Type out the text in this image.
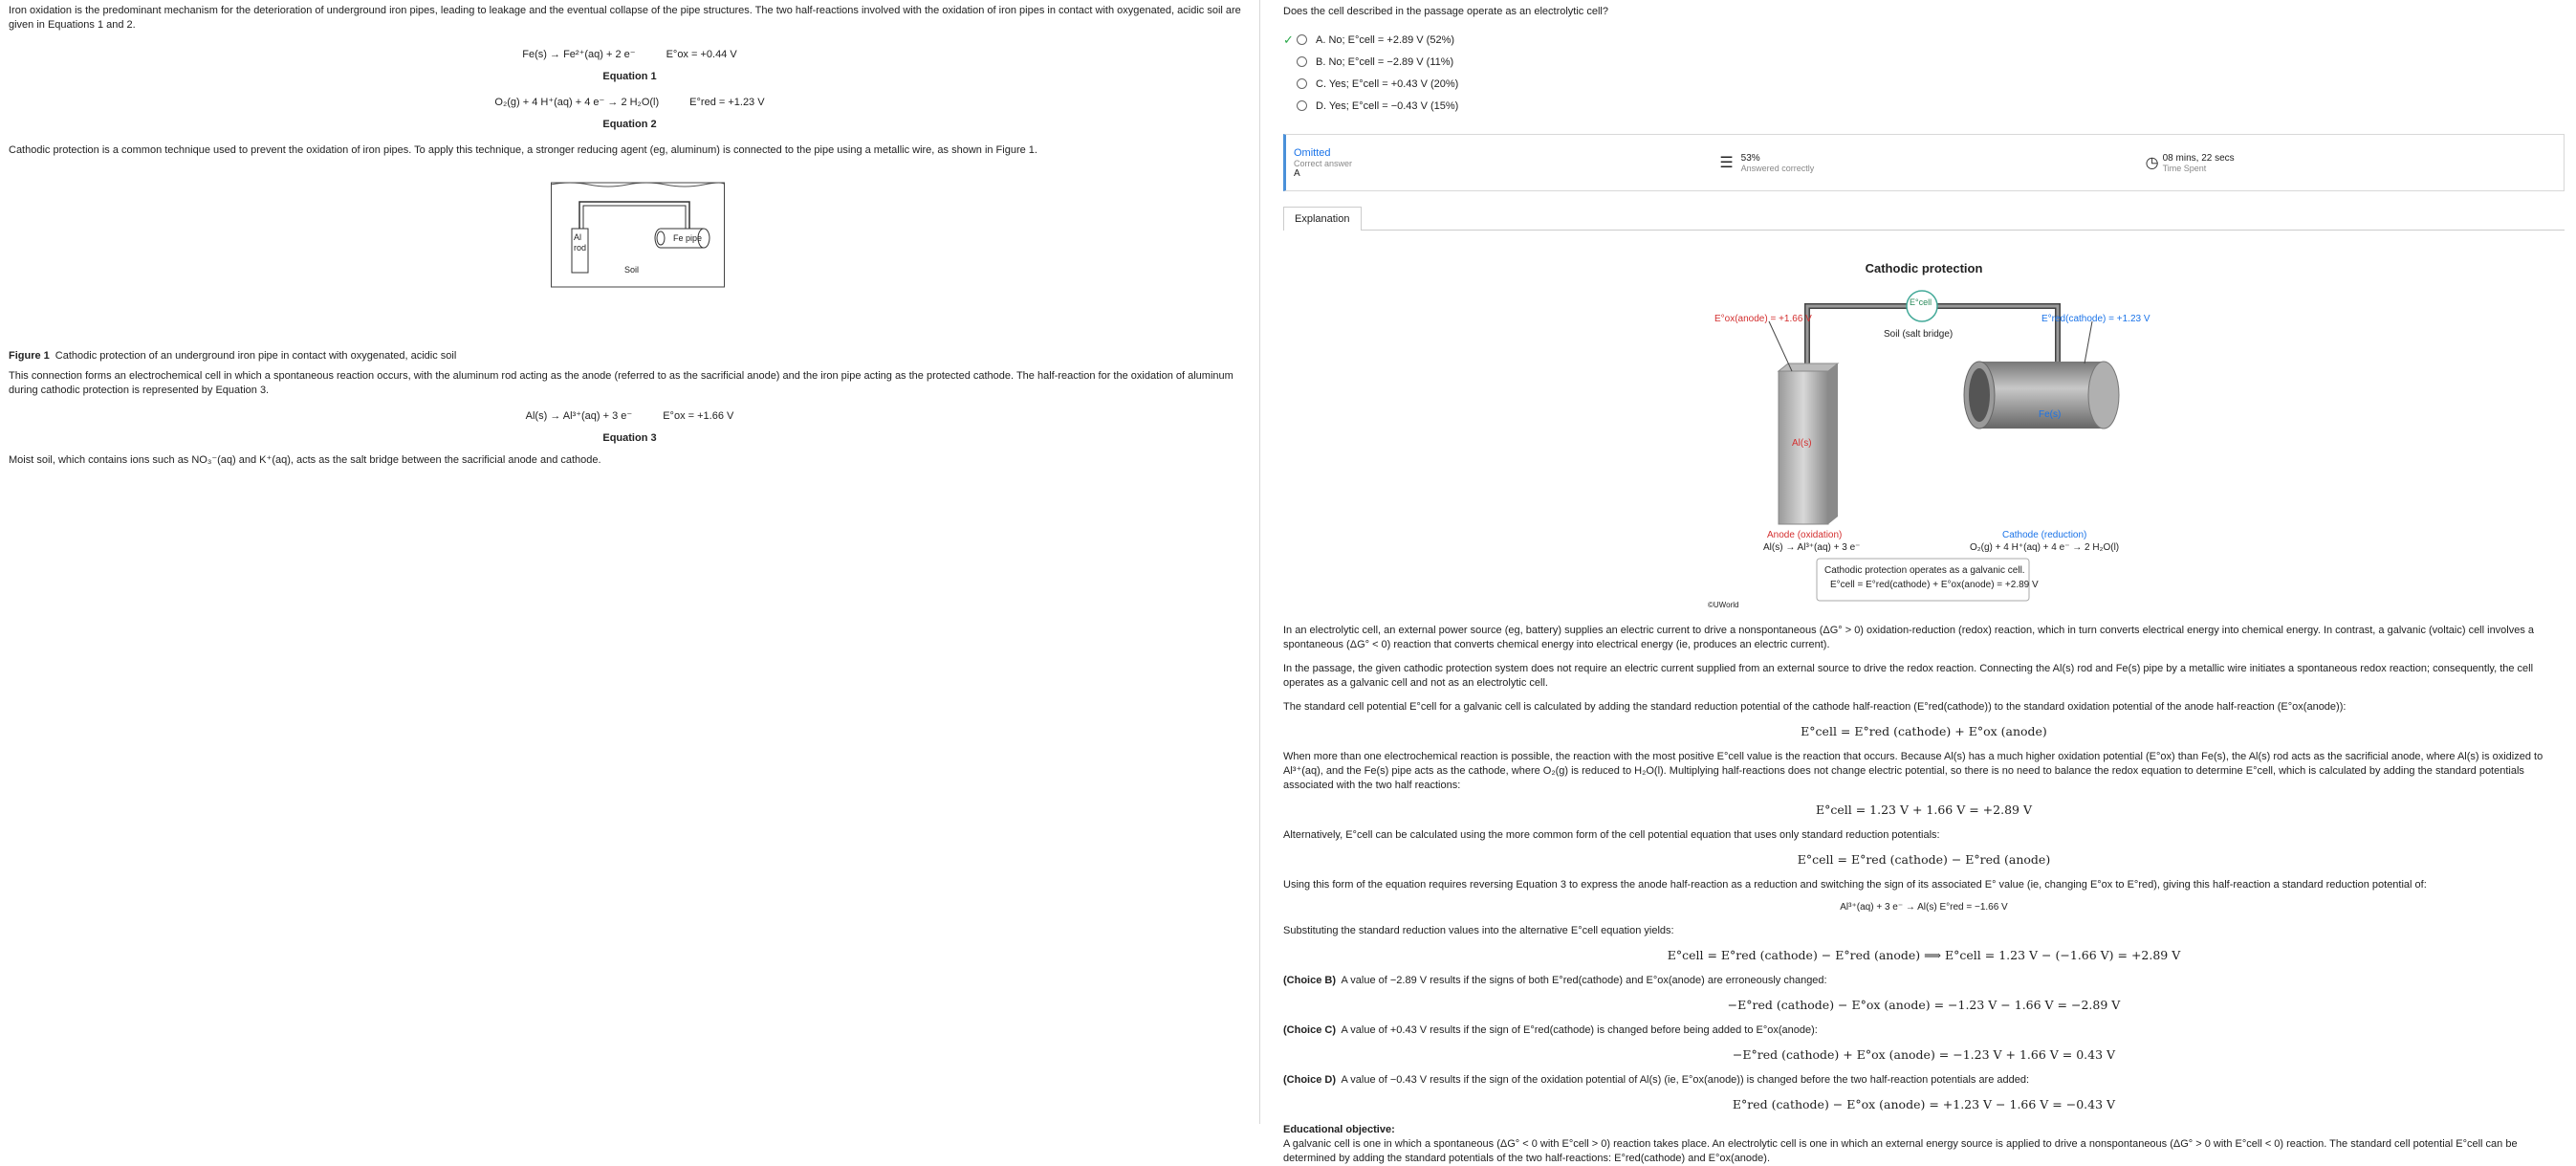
Iron oxidation is the predominant mechanism for the deterioration of underground iron pipes, leading to leakage and the eventual collapse of the pipe structures. The two half-reactions involved with the oxidation of iron pipes in contact with oxygenated, acidic soil are given in Equations 1 and 2.

Fe(s) → Fe²⁺(aq) + 2 e⁻	E°ox = +0.44 V
Equation 1
O₂(g) + 4 H⁺(aq) + 4 e⁻ → 2 H₂O(l)	E°red = +1.23 V
Equation 2

Cathodic protection is a common technique used to prevent the oxidation of iron pipes. To apply this technique, a stronger reducing agent (eg, aluminum) is connected to the pipe using a metallic wire, as shown in Figure 1.

Al rod
Fe pipe
Soil

Figure 1 Cathodic protection of an underground iron pipe in contact with oxygenated, acidic soil

This connection forms an electrochemical cell in which a spontaneous reaction occurs, with the aluminum rod acting as the anode (referred to as the sacrificial anode) and the iron pipe acting as the protected cathode. The half-reaction for the oxidation of aluminum during cathodic protection is represented by Equation 3.

Al(s) → Al³⁺(aq) + 3 e⁻	E°ox = +1.66 V
Equation 3

Moist soil, which contains ions such as NO₃⁻(aq) and K⁺(aq), acts as the salt bridge between the sacrificial anode and cathode.

Does the cell described in the passage operate as an electrolytic cell?

✓ A. No; E°cell = +2.89 V (52%)
B. No; E°cell = −2.89 V (11%)
C. Yes; E°cell = +0.43 V (20%)
D. Yes; E°cell = −0.43 V (15%)
Omitted
Correct answer
A
☰ 53%
Answered correctly	◷ 08 mins, 22 secs
Time Spent
Explanation
Cathodic protection
E°cell
E°ox(anode) = +1.66 V	E°red(cathode) = +1.23 V
Soil (salt bridge)
Al(s)
Fe(s)
Anode (oxidation)
Al(s) → Al³⁺(aq) + 3 e⁻
Cathode (reduction)
O₂(g) + 4 H⁺(aq) + 4 e⁻ → 2 H₂O(l)
Cathodic protection operates as a galvanic cell.
E°cell = E°red(cathode) + E°ox(anode) = +2.89 V
©UWorld

In an electrolytic cell, an external power source (eg, battery) supplies an electric current to drive a nonspontaneous (ΔG° > 0) oxidation-reduction (redox) reaction, which in turn converts electrical energy into chemical energy. In contrast, a galvanic (voltaic) cell involves a spontaneous (ΔG° < 0) reaction that converts chemical energy into electrical energy (ie, produces an electric current).

In the passage, the given cathodic protection system does not require an electric current supplied from an external source to drive the redox reaction. Connecting the Al(s) rod and Fe(s) pipe by a metallic wire initiates a spontaneous redox reaction; consequently, the cell operates as a galvanic cell and not as an electrolytic cell.

The standard cell potential E°cell for a galvanic cell is calculated by adding the standard reduction potential of the cathode half-reaction (E°red(cathode)) to the standard oxidation potential of the anode half-reaction (E°ox(anode)):

E°cell = E°red (cathode) + E°ox (anode)

When more than one electrochemical reaction is possible, the reaction with the most positive E°cell value is the reaction that occurs. Because Al(s) has a much higher oxidation potential (E°ox) than Fe(s), the Al(s) rod acts as the sacrificial anode, where Al(s) is oxidized to Al³⁺(aq), and the Fe(s) pipe acts as the cathode, where O₂(g) is reduced to H₂O(l). Multiplying half-reactions does not change electric potential, so there is no need to balance the redox equation to determine E°cell, which is calculated by adding the standard potentials associated with the two half reactions:

E°cell = 1.23 V + 1.66 V = +2.89 V

Alternatively, E°cell can be calculated using the more common form of the cell potential equation that uses only standard reduction potentials:

E°cell = E°red (cathode) − E°red (anode)

Using this form of the equation requires reversing Equation 3 to express the anode half-reaction as a reduction and switching the sign of its associated E° value (ie, changing E°ox to E°red), giving this half-reaction a standard reduction potential of:

Al³⁺(aq) + 3 e⁻ → Al(s) E°red = −1.66 V

Substituting the standard reduction values into the alternative E°cell equation yields:

E°cell = E°red (cathode) − E°red (anode) ⟹ E°cell = 1.23 V − (−1.66 V) = +2.89 V

(Choice B) A value of −2.89 V results if the signs of both E°red(cathode) and E°ox(anode) are erroneously changed:

−E°red (cathode) − E°ox (anode) = −1.23 V − 1.66 V = −2.89 V

(Choice C) A value of +0.43 V results if the sign of E°red(cathode) is changed before being added to E°ox(anode):

−E°red (cathode) + E°ox (anode) = −1.23 V + 1.66 V = 0.43 V

(Choice D) A value of −0.43 V results if the sign of the oxidation potential of Al(s) (ie, E°ox(anode)) is changed before the two half-reaction potentials are added:

E°red (cathode) − E°ox (anode) = +1.23 V − 1.66 V = −0.43 V

Educational objective:

A galvanic cell is one in which a spontaneous (ΔG° < 0 with E°cell > 0) reaction takes place. An electrolytic cell is one in which an external energy source is applied to drive a nonspontaneous (ΔG° > 0 with E°cell < 0) reaction. The standard cell potential E°cell can be determined by adding the standard potentials of the two half-reactions: E°red(cathode) and E°ox(anode).
